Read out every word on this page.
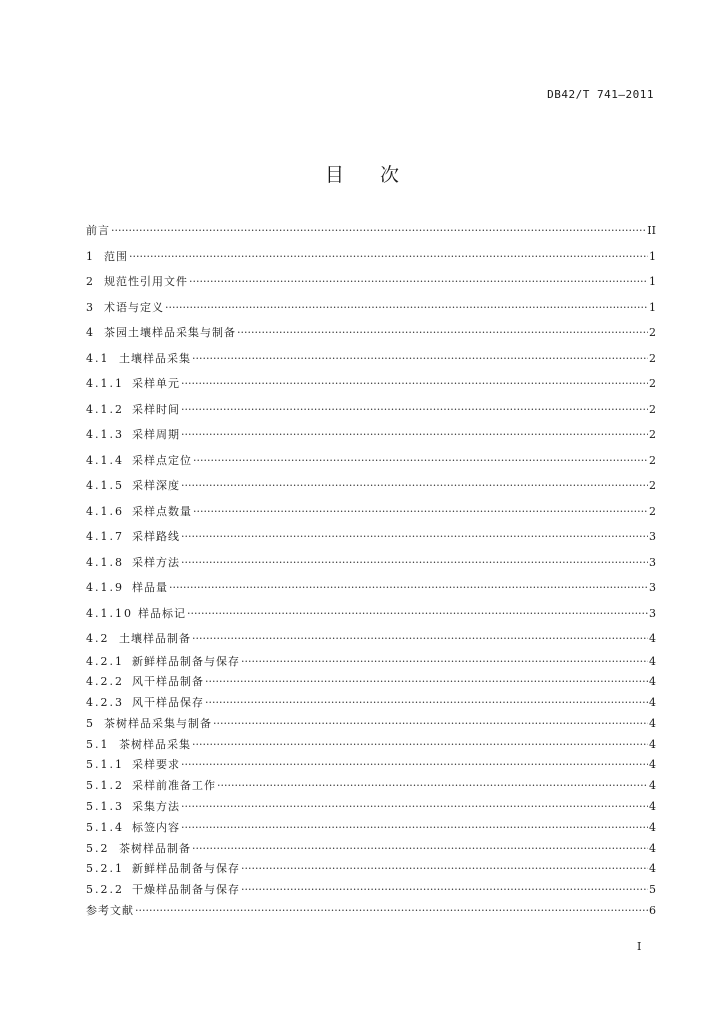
DB42/T 741—2011
目 次
前言 ·····	II
1 范围 ·····	1
2 规范性引用文件 ·····	1
3 术语与定义 ·····	1
4 茶园土壤样品采集与制备 ·····	2
4.1 土壤样品采集 ·····	2
4.1.1 采样单元 ·····	2
4.1.2 采样时间 ·····	2
4.1.3 采样周期 ·····	2
4.1.4 采样点定位 ·····	2
4.1.5 采样深度 ·····	2
4.1.6 采样点数量 ·····	2
4.1.7 采样路线 ·····	3
4.1.8 采样方法 ·····	3
4.1.9 样品量 ·····	3
4.1.10 样品标记 ·····	3
4.2 土壤样品制备 ·····	4
4.2.1 新鲜样品制备与保存 ·····	4
4.2.2 风干样品制备 ·····	4
4.2.3 风干样品保存 ·····	4
5 茶树样品采集与制备 ·····	4
5.1 茶树样品采集 ·····	4
5.1.1 采样要求 ·····	4
5.1.2 采样前准备工作 ·····	4
5.1.3 采集方法 ·····	4
5.1.4 标签内容 ·····	4
5.2 茶树样品制备 ·····	4
5.2.1 新鲜样品制备与保存 ·····	4
5.2.2 干燥样品制备与保存 ·····	5
参考文献 ·····	6
I
